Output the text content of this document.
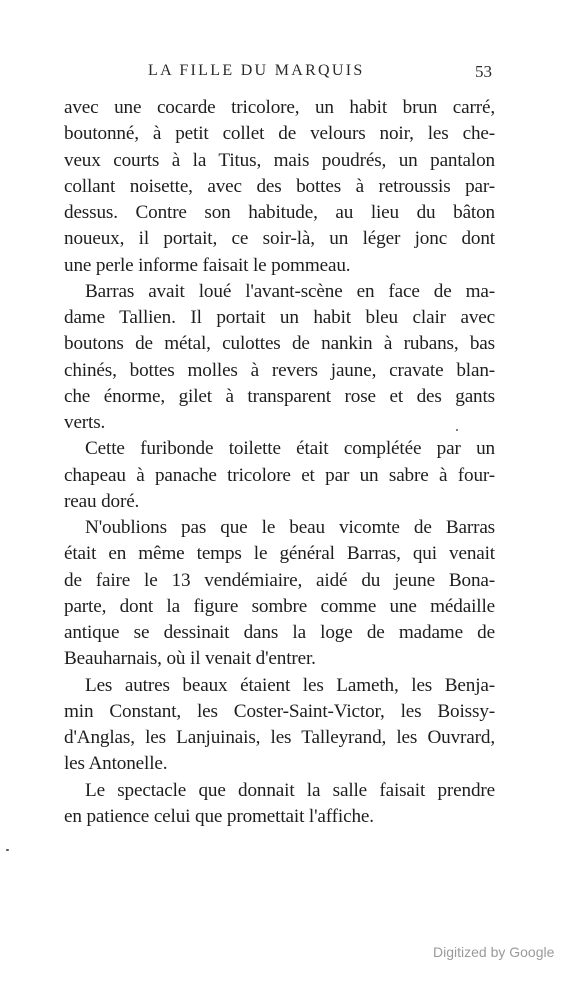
LA FILLE DU MARQUIS	53
avec une cocarde tricolore, un habit brun carré,
boutonné, à petit collet de velours noir, les che-
veux courts à la Titus, mais poudrés, un pantalon
collant noisette, avec des bottes à retroussis par-
dessus. Contre son habitude, au lieu du bâton
noueux, il portait, ce soir-là, un léger jonc dont
une perle informe faisait le pommeau.
Barras avait loué l'avant-scène en face de ma-
dame Tallien. Il portait un habit bleu clair avec
boutons de métal, culottes de nankin à rubans, bas
chinés, bottes molles à revers jaune, cravate blan-
che énorme, gilet à transparent rose et des gants
verts.
Cette furibonde toilette était complétée par un
chapeau à panache tricolore et par un sabre à four-
reau doré.
N'oublions pas que le beau vicomte de Barras
était en même temps le général Barras, qui venait
de faire le 13 vendémiaire, aidé du jeune Bona-
parte, dont la figure sombre comme une médaille
antique se dessinait dans la loge de madame de
Beauharnais, où il venait d'entrer.
Les autres beaux étaient les Lameth, les Benja-
min Constant, les Coster-Saint-Victor, les Boissy-
d'Anglas, les Lanjuinais, les Talleyrand, les Ouvrard,
les Antonelle.
Le spectacle que donnait la salle faisait prendre
en patience celui que promettait l'affiche.
Digitized by Google
